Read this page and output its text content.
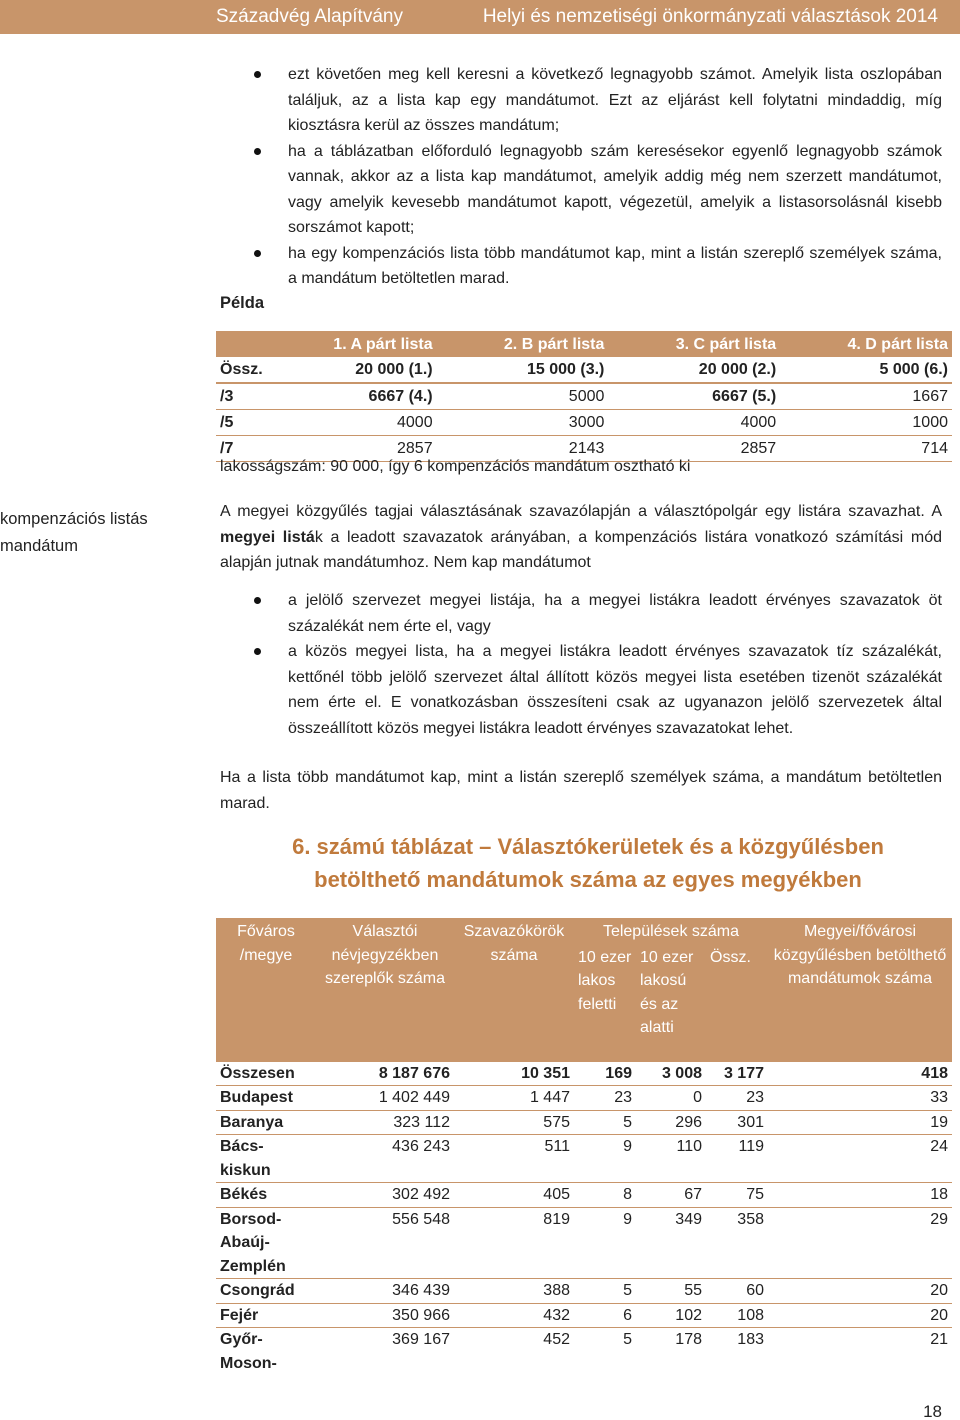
Századvég Alapítvány	Helyi és nemzetiségi önkormányzati választások 2014
ezt követően meg kell keresni a következő legnagyobb számot. Amelyik lista oszlopában találjuk, az a lista kap egy mandátumot. Ezt az eljárást kell folytatni mindaddig, míg kiosztásra kerül az összes mandátum;
ha a táblázatban előforduló legnagyobb szám keresésekor egyenlő legnagyobb számok vannak, akkor az a lista kap mandátumot, amelyik addig még nem szerzett mandátumot, vagy amelyik kevesebb mandátumot kapott, végezetül, amelyik a listasorsolásnál kisebb sorszámot kapott;
ha egy kompenzációs lista több mandátumot kap, mint a listán szereplő személyek száma, a mandátum betöltetlen marad.
Példa
	1. A párt lista	2. B párt lista	3. C párt lista	4. D párt lista
Össz.	20 000 (1.)	15 000 (3.)	20 000 (2.)	5 000 (6.)
/3	6667 (4.)	5000	6667 (5.)	1667
/5	4000	3000	4000	1000
/7	2857	2143	2857	714
lakosságszám: 90 000, így 6 kompenzációs mandátum osztható ki
kompenzációs listás
mandátum
A megyei közgyűlés tagjai választásának szavazólapján a választópolgár egy listára szavazhat. A megyei listák a leadott szavazatok arányában, a kompenzációs listára vonatkozó számítási mód alapján jutnak mandátumhoz. Nem kap mandátumot
a jelölő szervezet megyei listája, ha a megyei listákra leadott érvényes szavazatok öt százalékát nem érte el, vagy
a közös megyei lista, ha a megyei listákra leadott érvényes szavazatok tíz százalékát, kettőnél több jelölő szervezet által állított közös megyei lista esetében tizenöt százalékát nem érte el. E vonatkozásban összesíteni csak az ugyanazon jelölő szervezetek által összeállított közös megyei listákra leadott érvényes szavazatokat lehet.
Ha a lista több mandátumot kap, mint a listán szereplő személyek száma, a mandátum betöltetlen marad.
6. számú táblázat – Választókerületek és a közgyűlésben
betölthető mandátumok száma az egyes megyékben
Főváros /megye	Választói névjegyzékben szereplők száma	Szavazókörök száma	Települések száma			Megyei/fővárosi közgyűlésben betölthető mandátumok száma
			10 ezer lakos feletti	10 ezer lakosú és az alatti	Össz.	
Összesen	8 187 676	10 351	169	3 008	3 177	418
Budapest	1 402 449	1 447	23	0	23	33
Baranya	323 112	575	5	296	301	19
Bács-kiskun	436 243	511	9	110	119	24
Békés	302 492	405	8	67	75	18
Borsod-Abaúj-Zemplén	556 548	819	9	349	358	29
Csongrád	346 439	388	5	55	60	20
Fejér	350 966	432	6	102	108	20
Győr-Moson-	369 167	452	5	178	183	21
18
